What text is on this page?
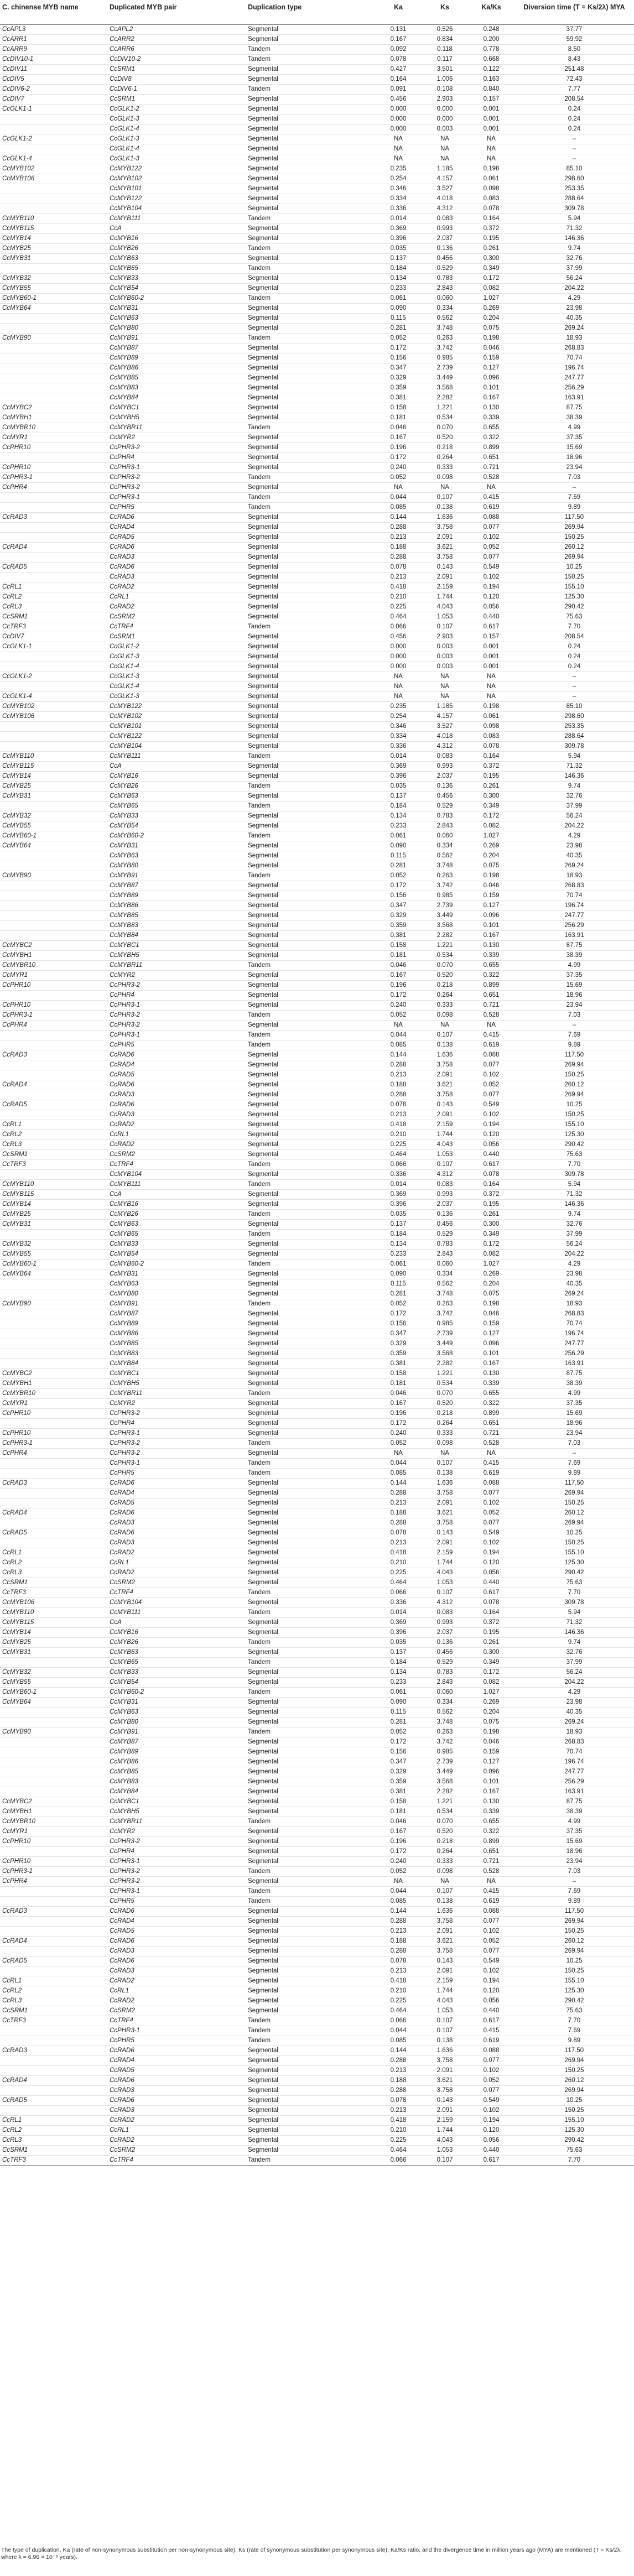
C. chinense MYB name	Duplicated MYB pair	Duplication type	Ka	Ks	Ka/Ks	Diversion time (T = Ks/2λ) MYA

CcAPL3	CcAPL2	Segmental	0.131	0.526	0.248	37.77
CcARR1	CcARR2	Segmental	0.167	0.834	0.200	59.92
CcARR9	CcARR6	Tandem	0.092	0.118	0.778	8.50
CcDIV10-1	CcDIV10-2	Tandem	0.078	0.117	0.668	8.43
CcDIV11	CcSRM1	Segmental	0.427	3.501	0.122	251.48
CcDIV5	CcDIV8	Segmental	0.164	1.006	0.163	72.43
CcDIV6-2	CcDIV6-1	Tandem	0.091	0.108	0.840	7.77
CcDIV7	CcSRM1	Segmental	0.456	2.903	0.157	208.54
CcGLK1-1	CcGLK1-2	Segmental	0.000	0.000	0.001	0.24
	CcGLK1-3	Segmental	0.000	0.000	0.001	0.24
	CcGLK1-4	Segmental	0.000	0.003	0.001	0.24
CcGLK1-2	CcGLK1-3	Segmental	NA	NA	NA	–
	CcGLK1-4	Segmental	NA	NA	NA	–
CcGLK1-4	CcGLK1-3	Segmental	NA	NA	NA	–
CcMYB102	CcMYB122	Segmental	0.235	1.185	0.198	85.10
CcMYB106	CcMYB102	Segmental	0.254	4.157	0.061	298.60
	CcMYB101	Segmental	0.346	3.527	0.098	253.35
	CcMYB122	Segmental	0.334	4.018	0.083	288.64
	CcMYB104	Segmental	0.336	4.312	0.078	309.78
CcMYB110	CcMYB111	Tandem	0.014	0.083	0.164	5.94
CcMYB115	CcA	Segmental	0.369	0.993	0.372	71.32
CcMYB14	CcMYB16	Segmental	0.396	2.037	0.195	146.36
CcMYB25	CcMYB26	Tandem	0.035	0.136	0.261	9.74
CcMYB31	CcMYB63	Segmental	0.137	0.456	0.300	32.76
	CcMYB65	Tandem	0.184	0.529	0.349	37.99
CcMYB32	CcMYB33	Segmental	0.134	0.783	0.172	56.24
CcMYB55	CcMYB54	Segmental	0.233	2.843	0.082	204.22
CcMYB60-1	CcMYB60-2	Tandem	0.061	0.060	1.027	4.29
CcMYB64	CcMYB31	Segmental	0.090	0.334	0.269	23.98
	CcMYB63	Segmental	0.115	0.562	0.204	40.35
	CcMYB80	Segmental	0.281	3.748	0.075	269.24
CcMYB90	CcMYB91	Tandem	0.052	0.263	0.198	18.93
	CcMYB87	Segmental	0.172	3.742	0.046	268.83
	CcMYB89	Segmental	0.156	0.985	0.159	70.74
	CcMYB86	Segmental	0.347	2.739	0.127	196.74
	CcMYB85	Segmental	0.329	3.449	0.096	247.77
	CcMYB83	Segmental	0.359	3.568	0.101	256.29
	CcMYB84	Segmental	0.381	2.282	0.167	163.91
CcMYBC2	CcMYBC1	Segmental	0.158	1.221	0.130	87.75
CcMYBH1	CcMYBH5	Segmental	0.181	0.534	0.339	38.39
CcMYBR10	CcMYBR11	Tandem	0.046	0.070	0.655	4.99
CcMYR1	CcMYR2	Segmental	0.167	0.520	0.322	37.35
CcPHR10	CcPHR3-2	Segmental	0.196	0.218	0.899	15.69
	CcPHR4	Segmental	0.172	0.264	0.651	18.96
CcPHR10	CcPHR3-1	Segmental	0.240	0.333	0.721	23.94
CcPHR3-1	CcPHR3-2	Tandem	0.052	0.098	0.528	7.03
CcPHR4	CcPHR3-2	Segmental	NA	NA	NA	–
	CcPHR3-1	Tandem	0.044	0.107	0.415	7.69
	CcPHR5	Tandem	0.085	0.138	0.619	9.89
CcRAD3	CcRAD6	Segmental	0.144	1.636	0.088	117.50
	CcRAD4	Segmental	0.288	3.758	0.077	269.94
	CcRAD5	Segmental	0.213	2.091	0.102	150.25
CcRAD4	CcRAD6	Segmental	0.188	3.621	0.052	260.12
	CcRAD3	Segmental	0.288	3.758	0.077	269.94
CcRAD5	CcRAD6	Segmental	0.078	0.143	0.549	10.25
	CcRAD3	Segmental	0.213	2.091	0.102	150.25
CcRL1	CcRAD2	Segmental	0.418	2.159	0.194	155.10
CcRL2	CcRL1	Segmental	0.210	1.744	0.120	125.30
CcRL3	CcRAD2	Segmental	0.225	4.043	0.056	290.42
CcSRM1	CcSRM2	Segmental	0.464	1.053	0.440	75.63
CcTRF3	CcTRF4	Tandem	0.066	0.107	0.617	7.70
CcDIV7	CcSRM1	Segmental	0.456	2.903	0.157	208.54
CcGLK1-1	CcGLK1-2	Segmental	0.000	0.003	0.001	0.24
	CcGLK1-3	Segmental	0.000	0.003	0.001	0.24
	CcGLK1-4	Segmental	0.000	0.003	0.001	0.24
CcGLK1-2	CcGLK1-3	Segmental	NA	NA	NA	–
	CcGLK1-4	Segmental	NA	NA	NA	–
CcGLK1-4	CcGLK1-3	Segmental	NA	NA	NA	–
CcMYB102	CcMYB122	Segmental	0.235	1.185	0.198	85.10
CcMYB106	CcMYB102	Segmental	0.254	4.157	0.061	298.60
	CcMYB101	Segmental	0.346	3.527	0.098	253.35
	CcMYB122	Segmental	0.334	4.018	0.083	288.64
	CcMYB104	Segmental	0.336	4.312	0.078	309.78
CcMYB110	CcMYB111	Tandem	0.014	0.083	0.164	5.94
CcMYB115	CcA	Segmental	0.369	0.993	0.372	71.32
CcMYB14	CcMYB16	Segmental	0.396	2.037	0.195	146.36
CcMYB25	CcMYB26	Tandem	0.035	0.136	0.261	9.74
CcMYB31	CcMYB63	Segmental	0.137	0.456	0.300	32.76
	CcMYB65	Tandem	0.184	0.529	0.349	37.99
CcMYB32	CcMYB33	Segmental	0.134	0.783	0.172	56.24
CcMYB55	CcMYB54	Segmental	0.233	2.843	0.082	204.22
CcMYB60-1	CcMYB60-2	Tandem	0.061	0.060	1.027	4.29
CcMYB64	CcMYB31	Segmental	0.090	0.334	0.269	23.98
	CcMYB63	Segmental	0.115	0.562	0.204	40.35
	CcMYB80	Segmental	0.281	3.748	0.075	269.24
CcMYB90	CcMYB91	Tandem	0.052	0.263	0.198	18.93
	CcMYB87	Segmental	0.172	3.742	0.046	268.83
	CcMYB89	Segmental	0.156	0.985	0.159	70.74
	CcMYB86	Segmental	0.347	2.739	0.127	196.74
	CcMYB85	Segmental	0.329	3.449	0.096	247.77
	CcMYB83	Segmental	0.359	3.568	0.101	256.29
	CcMYB84	Segmental	0.381	2.282	0.167	163.91
CcMYBC2	CcMYBC1	Segmental	0.158	1.221	0.130	87.75
CcMYBH1	CcMYBH5	Segmental	0.181	0.534	0.339	38.39
CcMYBR10	CcMYBR11	Tandem	0.046	0.070	0.655	4.99
CcMYR1	CcMYR2	Segmental	0.167	0.520	0.322	37.35
CcPHR10	CcPHR3-2	Segmental	0.196	0.218	0.899	15.69
	CcPHR4	Segmental	0.172	0.264	0.651	18.96
CcPHR10	CcPHR3-1	Segmental	0.240	0.333	0.721	23.94
CcPHR3-1	CcPHR3-2	Tandem	0.052	0.098	0.528	7.03
CcPHR4	CcPHR3-2	Segmental	NA	NA	NA	–
	CcPHR3-1	Tandem	0.044	0.107	0.415	7.69
	CcPHR5	Tandem	0.085	0.138	0.619	9.89
CcRAD3	CcRAD6	Segmental	0.144	1.636	0.088	117.50
	CcRAD4	Segmental	0.288	3.758	0.077	269.94
	CcRAD5	Segmental	0.213	2.091	0.102	150.25
CcRAD4	CcRAD6	Segmental	0.188	3.621	0.052	260.12
	CcRAD3	Segmental	0.288	3.758	0.077	269.94
CcRAD5	CcRAD6	Segmental	0.078	0.143	0.549	10.25
	CcRAD3	Segmental	0.213	2.091	0.102	150.25
CcRL1	CcRAD2	Segmental	0.418	2.159	0.194	155.10
CcRL2	CcRL1	Segmental	0.210	1.744	0.120	125.30
CcRL3	CcRAD2	Segmental	0.225	4.043	0.056	290.42
CcSRM1	CcSRM2	Segmental	0.464	1.053	0.440	75.63
CcTRF3	CcTRF4	Tandem	0.066	0.107	0.617	7.70
	CcMYB104	Segmental	0.336	4.312	0.078	309.78
CcMYB110	CcMYB111	Tandem	0.014	0.083	0.164	5.94
CcMYB115	CcA	Segmental	0.369	0.993	0.372	71.32
CcMYB14	CcMYB16	Segmental	0.396	2.037	0.195	146.36
CcMYB25	CcMYB26	Tandem	0.035	0.136	0.261	9.74
CcMYB31	CcMYB63	Segmental	0.137	0.456	0.300	32.76
	CcMYB65	Tandem	0.184	0.529	0.349	37.99
CcMYB32	CcMYB33	Segmental	0.134	0.783	0.172	56.24
CcMYB55	CcMYB54	Segmental	0.233	2.843	0.082	204.22
CcMYB60-1	CcMYB60-2	Tandem	0.061	0.060	1.027	4.29
CcMYB64	CcMYB31	Segmental	0.090	0.334	0.269	23.98
	CcMYB63	Segmental	0.115	0.562	0.204	40.35
	CcMYB80	Segmental	0.281	3.748	0.075	269.24
CcMYB90	CcMYB91	Tandem	0.052	0.263	0.198	18.93
	CcMYB87	Segmental	0.172	3.742	0.046	268.83
	CcMYB89	Segmental	0.156	0.985	0.159	70.74
	CcMYB86	Segmental	0.347	2.739	0.127	196.74
	CcMYB85	Segmental	0.329	3.449	0.096	247.77
	CcMYB83	Segmental	0.359	3.568	0.101	256.29
	CcMYB84	Segmental	0.381	2.282	0.167	163.91
CcMYBC2	CcMYBC1	Segmental	0.158	1.221	0.130	87.75
CcMYBH1	CcMYBH5	Segmental	0.181	0.534	0.339	38.39
CcMYBR10	CcMYBR11	Tandem	0.046	0.070	0.655	4.99
CcMYR1	CcMYR2	Segmental	0.167	0.520	0.322	37.35
CcPHR10	CcPHR3-2	Segmental	0.196	0.218	0.899	15.69
	CcPHR4	Segmental	0.172	0.264	0.651	18.96
CcPHR10	CcPHR3-1	Segmental	0.240	0.333	0.721	23.94
CcPHR3-1	CcPHR3-2	Tandem	0.052	0.098	0.528	7.03
CcPHR4	CcPHR3-2	Segmental	NA	NA	NA	–
	CcPHR3-1	Tandem	0.044	0.107	0.415	7.69
	CcPHR5	Tandem	0.085	0.138	0.619	9.89
CcRAD3	CcRAD6	Segmental	0.144	1.636	0.088	117.50
	CcRAD4	Segmental	0.288	3.758	0.077	269.94
	CcRAD5	Segmental	0.213	2.091	0.102	150.25
CcRAD4	CcRAD6	Segmental	0.188	3.621	0.052	260.12
	CcRAD3	Segmental	0.288	3.758	0.077	269.94
CcRAD5	CcRAD6	Segmental	0.078	0.143	0.549	10.25
	CcRAD3	Segmental	0.213	2.091	0.102	150.25
CcRL1	CcRAD2	Segmental	0.418	2.159	0.194	155.10
CcRL2	CcRL1	Segmental	0.210	1.744	0.120	125.30
CcRL3	CcRAD2	Segmental	0.225	4.043	0.056	290.42
CcSRM1	CcSRM2	Segmental	0.464	1.053	0.440	75.63
CcTRF3	CcTRF4	Tandem	0.066	0.107	0.617	7.70
CcMYB106	CcMYB104	Segmental	0.336	4.312	0.078	309.78
CcMYB110	CcMYB111	Tandem	0.014	0.083	0.164	5.94
CcMYB115	CcA	Segmental	0.369	0.993	0.372	71.32
CcMYB14	CcMYB16	Segmental	0.396	2.037	0.195	146.36
CcMYB25	CcMYB26	Tandem	0.035	0.136	0.261	9.74
CcMYB31	CcMYB63	Segmental	0.137	0.456	0.300	32.76
	CcMYB65	Tandem	0.184	0.529	0.349	37.99
CcMYB32	CcMYB33	Segmental	0.134	0.783	0.172	56.24
CcMYB55	CcMYB54	Segmental	0.233	2.843	0.082	204.22
CcMYB60-1	CcMYB60-2	Tandem	0.061	0.060	1.027	4.29
CcMYB64	CcMYB31	Segmental	0.090	0.334	0.269	23.98
	CcMYB63	Segmental	0.115	0.562	0.204	40.35
	CcMYB80	Segmental	0.281	3.748	0.075	269.24
CcMYB90	CcMYB91	Tandem	0.052	0.263	0.198	18.93
	CcMYB87	Segmental	0.172	3.742	0.046	268.83
	CcMYB89	Segmental	0.156	0.985	0.159	70.74
	CcMYB86	Segmental	0.347	2.739	0.127	196.74
	CcMYB85	Segmental	0.329	3.449	0.096	247.77
	CcMYB83	Segmental	0.359	3.568	0.101	256.29
	CcMYB84	Segmental	0.381	2.282	0.167	163.91
CcMYBC2	CcMYBC1	Segmental	0.158	1.221	0.130	87.75
CcMYBH1	CcMYBH5	Segmental	0.181	0.534	0.339	38.39
CcMYBR10	CcMYBR11	Tandem	0.046	0.070	0.655	4.99
CcMYR1	CcMYR2	Segmental	0.167	0.520	0.322	37.35
CcPHR10	CcPHR3-2	Segmental	0.196	0.218	0.899	15.69
	CcPHR4	Segmental	0.172	0.264	0.651	18.96
CcPHR10	CcPHR3-1	Segmental	0.240	0.333	0.721	23.94
CcPHR3-1	CcPHR3-2	Tandem	0.052	0.098	0.528	7.03
CcPHR4	CcPHR3-2	Segmental	NA	NA	NA	–
	CcPHR3-1	Tandem	0.044	0.107	0.415	7.69
	CcPHR5	Tandem	0.085	0.138	0.619	9.89
CcRAD3	CcRAD6	Segmental	0.144	1.636	0.088	117.50
	CcRAD4	Segmental	0.288	3.758	0.077	269.94
	CcRAD5	Segmental	0.213	2.091	0.102	150.25
CcRAD4	CcRAD6	Segmental	0.188	3.621	0.052	260.12
	CcRAD3	Segmental	0.288	3.758	0.077	269.94
CcRAD5	CcRAD6	Segmental	0.078	0.143	0.549	10.25
	CcRAD3	Segmental	0.213	2.091	0.102	150.25
CcRL1	CcRAD2	Segmental	0.418	2.159	0.194	155.10
CcRL2	CcRL1	Segmental	0.210	1.744	0.120	125.30
CcRL3	CcRAD2	Segmental	0.225	4.043	0.056	290.42
CcSRM1	CcSRM2	Segmental	0.464	1.053	0.440	75.63
CcTRF3	CcTRF4	Tandem	0.066	0.107	0.617	7.70
	CcPHR3-1	Tandem	0.044	0.107	0.415	7.69
	CcPHR5	Tandem	0.085	0.138	0.619	9.89
CcRAD3	CcRAD6	Segmental	0.144	1.636	0.088	117.50
	CcRAD4	Segmental	0.288	3.758	0.077	269.94
	CcRAD5	Segmental	0.213	2.091	0.102	150.25
CcRAD4	CcRAD6	Segmental	0.188	3.621	0.052	260.12
	CcRAD3	Segmental	0.288	3.758	0.077	269.94
CcRAD5	CcRAD6	Segmental	0.078	0.143	0.549	10.25
	CcRAD3	Segmental	0.213	2.091	0.102	150.25
CcRL1	CcRAD2	Segmental	0.418	2.159	0.194	155.10
CcRL2	CcRL1	Segmental	0.210	1.744	0.120	125.30
CcRL3	CcRAD2	Segmental	0.225	4.043	0.056	290.42
CcSRM1	CcSRM2	Segmental	0.464	1.053	0.440	75.63
CcTRF3	CcTRF4	Tandem	0.066	0.107	0.617	7.70

The type of duplication, Ka (rate of non-synonymous substitution per non-synonymous site), Ks (rate of synonymous substitution per synonymous site), Ka/Ks ratio, and the divergence time in million years ago (MYA) are mentioned (T = Ks/2λ, where λ = 6.96 × 10⁻⁹ years).
